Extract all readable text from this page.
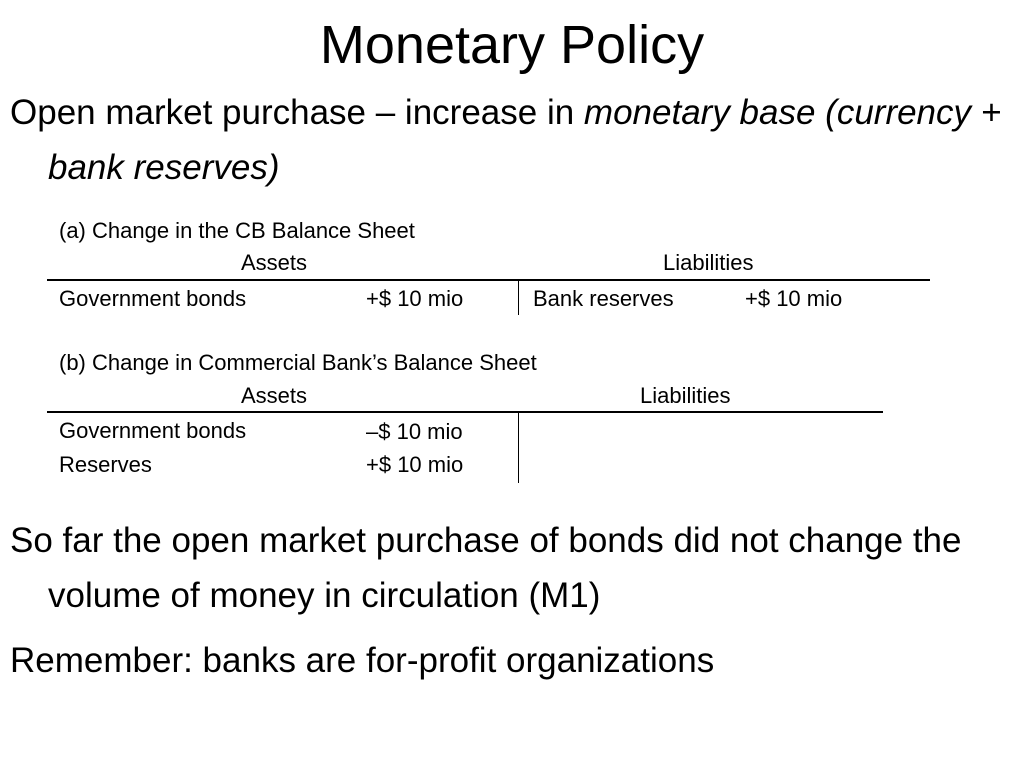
Monetary Policy
Open market purchase – increase in monetary base (currency + bank reserves)
(a) Change in the CB Balance Sheet
Assets	Liabilities
Government bonds	+$ 10 mio	Bank reserves	+$ 10 mio
(b) Change in Commercial Bank’s Balance Sheet
Assets	Liabilities
Government bonds	–$ 10 mio
Reserves	+$ 10 mio
So far the open market purchase of bonds did not change the volume of money in circulation (M1)
Remember: banks are for-profit organizations
